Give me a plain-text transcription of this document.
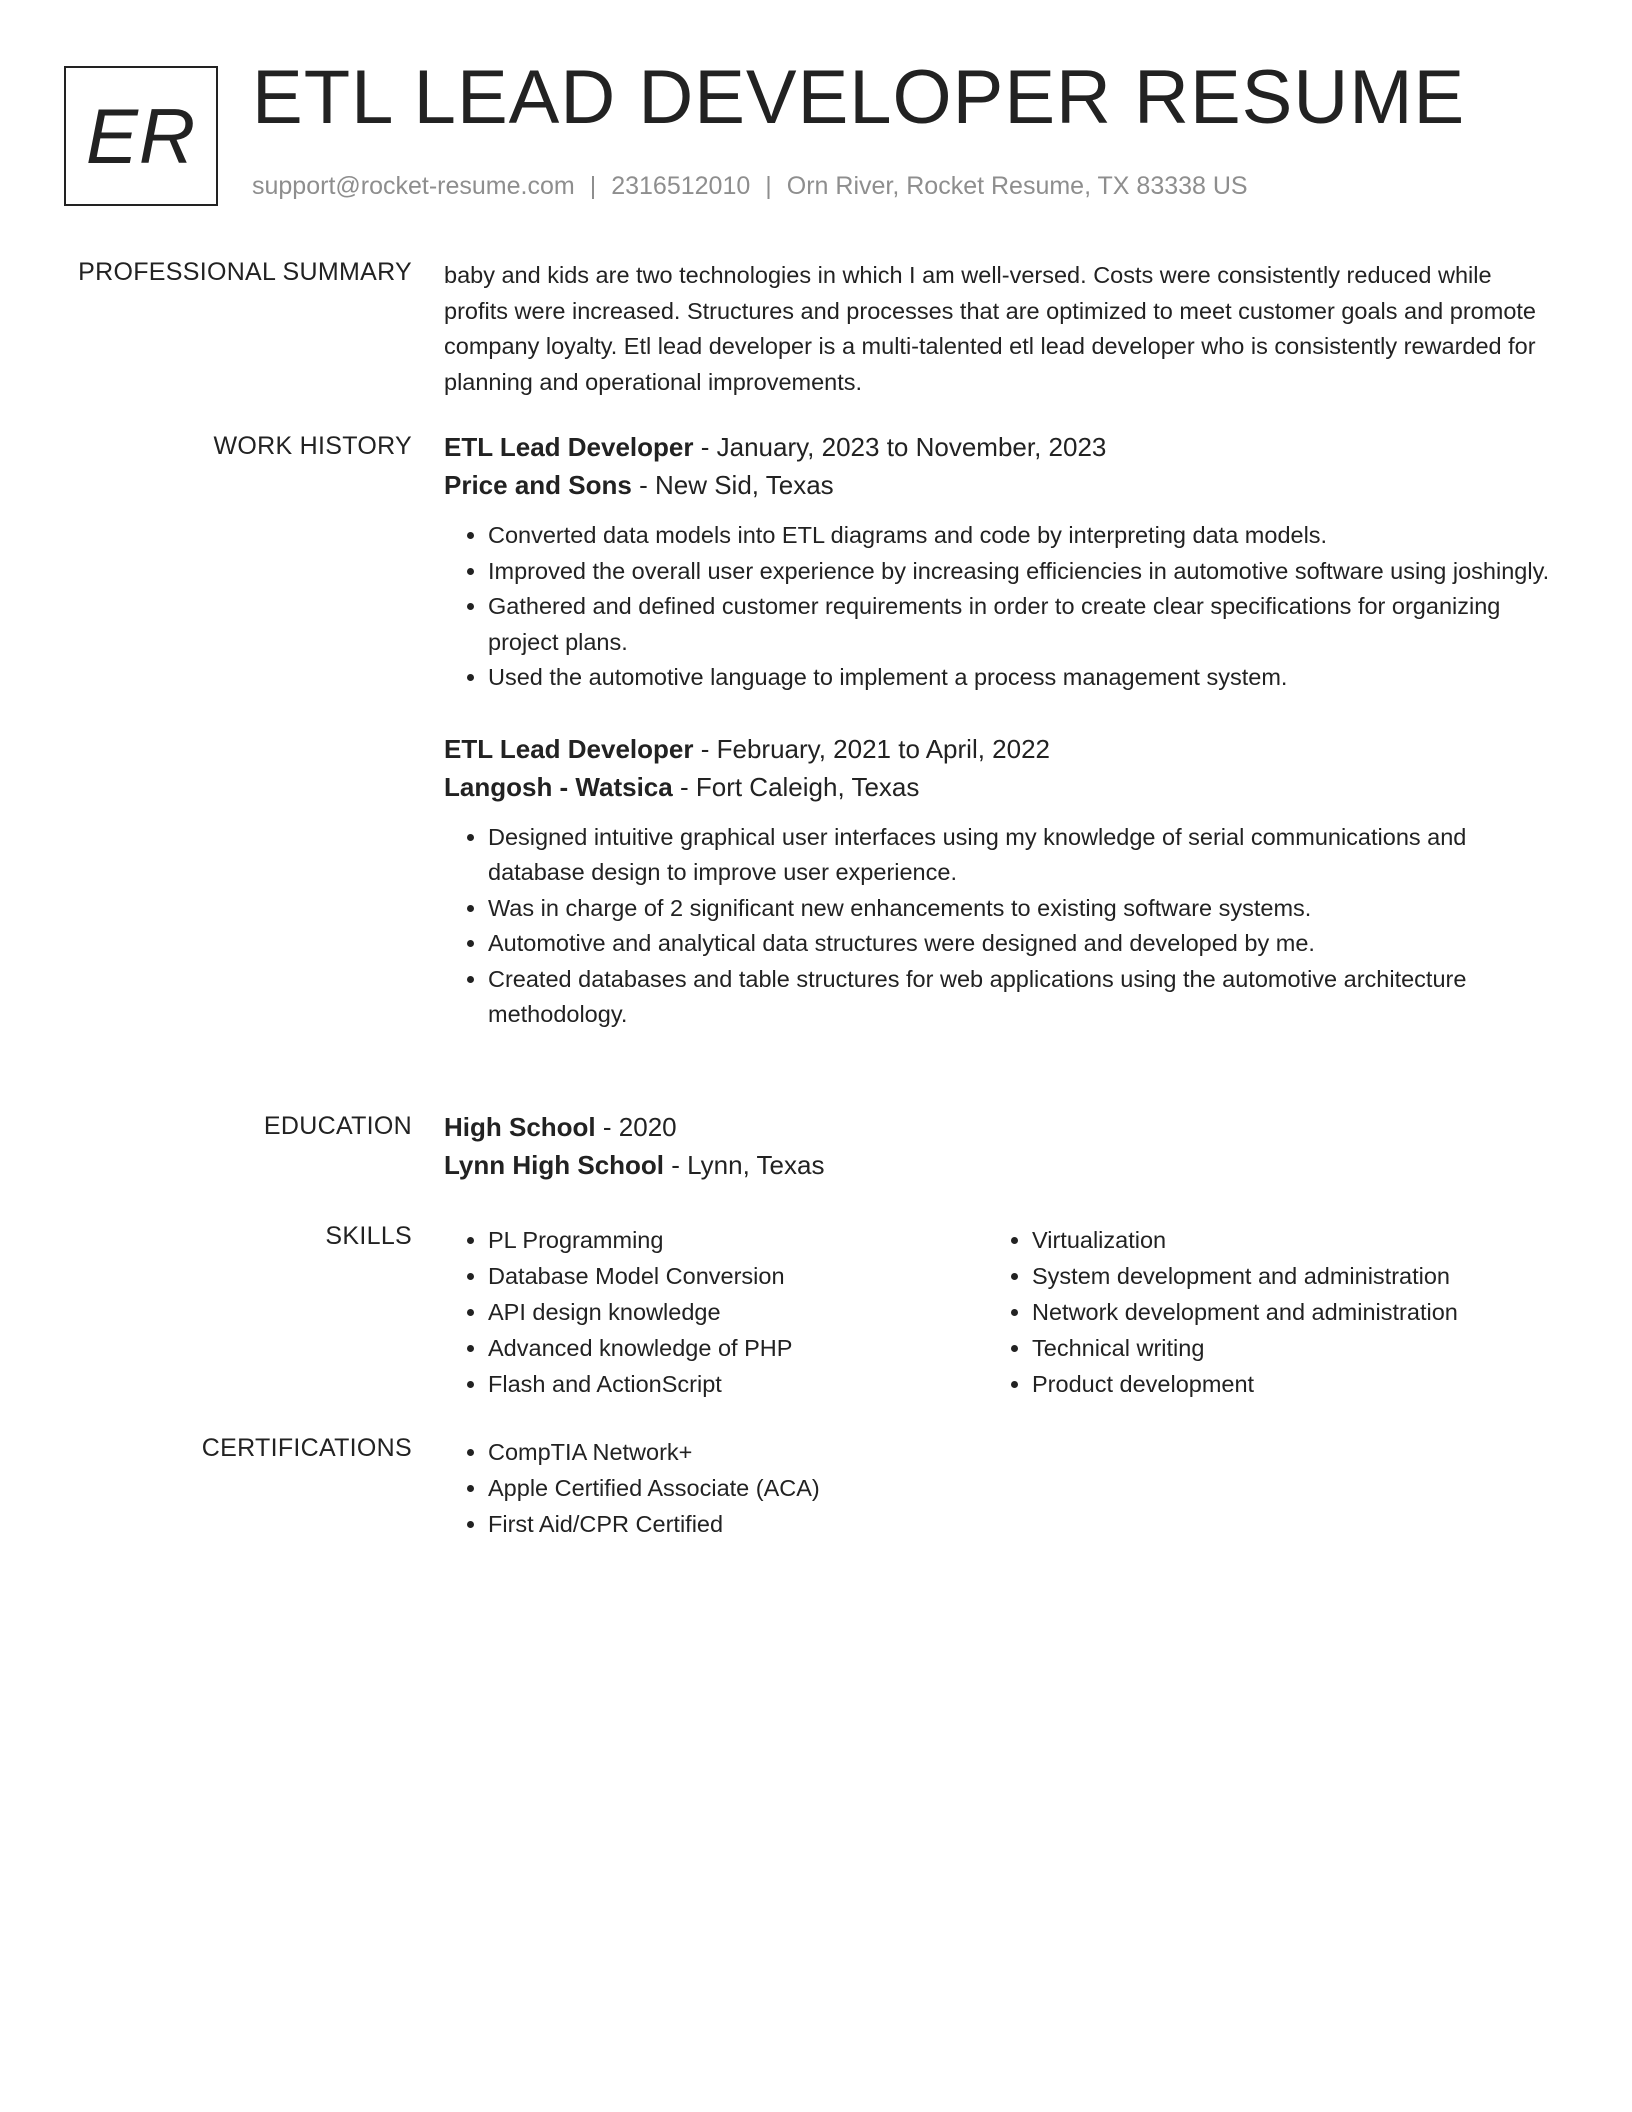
ER ETL LEAD DEVELOPER RESUME
support@rocket-resume.com | 2316512010 | Orn River, Rocket Resume, TX 83338 US
PROFESSIONAL SUMMARY baby and kids are two technologies in which I am well-versed. Costs were consistently reduced while profits were increased. Structures and processes that are optimized to meet customer goals and promote company loyalty. Etl lead developer is a multi-talented etl lead developer who is consistently rewarded for planning and operational improvements.

WORK HISTORY ETL Lead Developer - January, 2023 to November, 2023
Price and Sons - New Sid, Texas
• Converted data models into ETL diagrams and code by interpreting data models.
• Improved the overall user experience by increasing efficiencies in automotive software using joshingly.
• Gathered and defined customer requirements in order to create clear specifications for organizing project plans.
• Used the automotive language to implement a process management system.
ETL Lead Developer - February, 2021 to April, 2022
Langosh - Watsica - Fort Caleigh, Texas
• Designed intuitive graphical user interfaces using my knowledge of serial communications and database design to improve user experience.
• Was in charge of 2 significant new enhancements to existing software systems.
• Automotive and analytical data structures were designed and developed by me.
• Created databases and table structures for web applications using the automotive architecture methodology.
EDUCATION High School - 2020
Lynn High School - Lynn, Texas
SKILLS	• PL Programming
• Database Model Conversion
• API design knowledge
• Advanced knowledge of PHP
• Flash and ActionScript
• Virtualization
• System development and administration
• Network development and administration
• Technical writing
• Product development
CERTIFICATIONS	• CompTIA Network+
• Apple Certified Associate (ACA)
• First Aid/CPR Certified
